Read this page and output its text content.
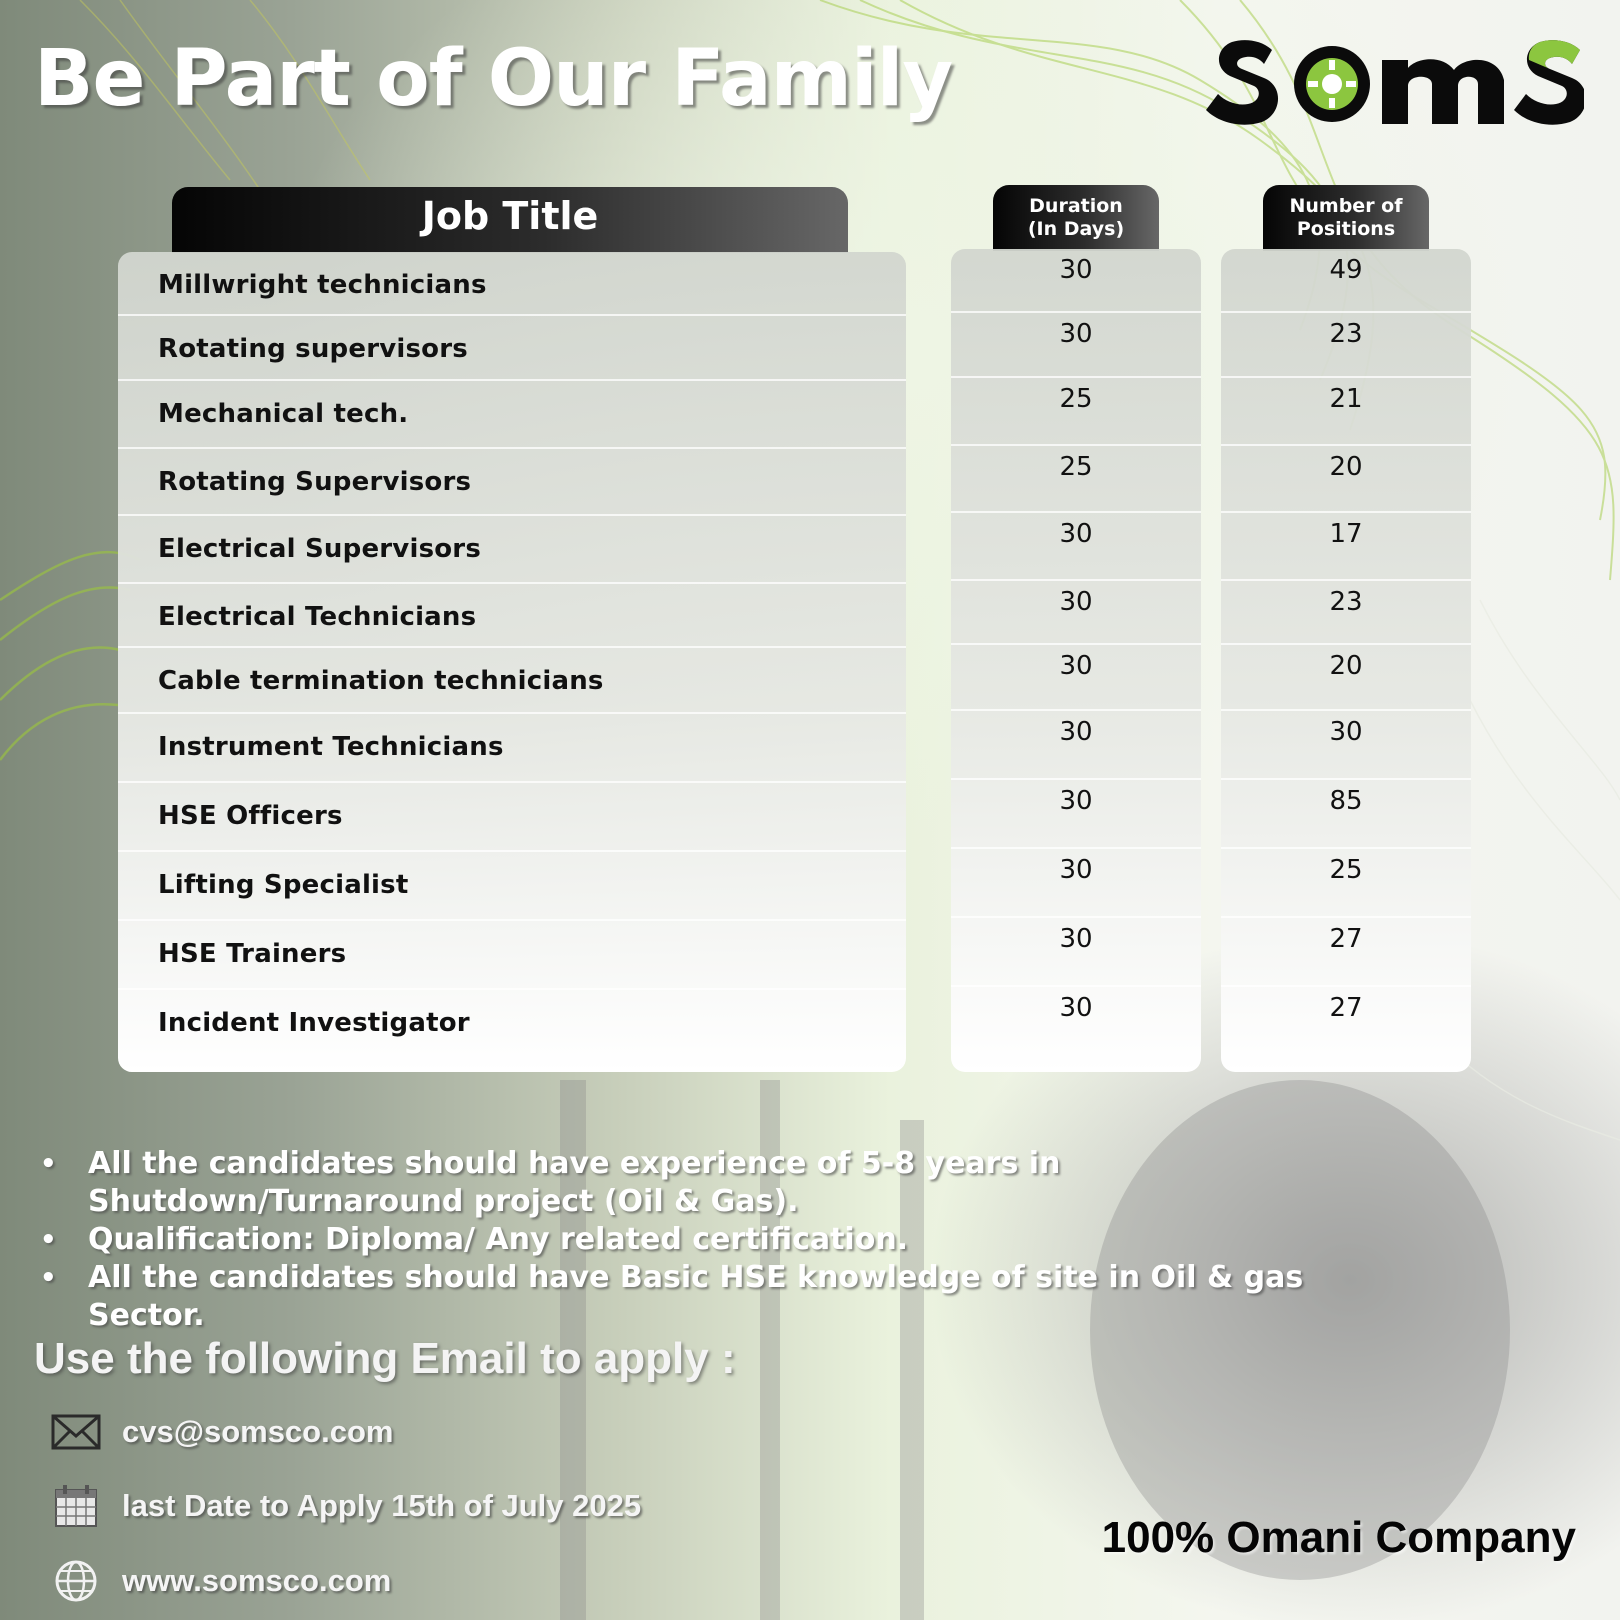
Be Part of Our Family
Job Title	Duration
(In Days)
Number of
Positions
Millwright technicians
Rotating supervisors
Mechanical tech.
Rotating Supervisors
Electrical Supervisors
Electrical Technicians
Cable termination technicians
Instrument Technicians
HSE Officers
Lifting Specialist
HSE Trainers
Incident Investigator
30
30
25
25
30
30
30
30
30
30
30
30
49
23
21
20
17
23
20
30
85
25
27
27
• All the candidates should have experience of 5-8 years in Shutdown/Turnaround project (Oil & Gas).
• Qualification: Diploma/ Any related certification.
• All the candidates should have Basic HSE knowledge of site in Oil & gas Sector.
Use the following Email to apply :
cvs@somsco.com
last Date to Apply 15th of July 2025
www.somsco.com

100% Omani Company
